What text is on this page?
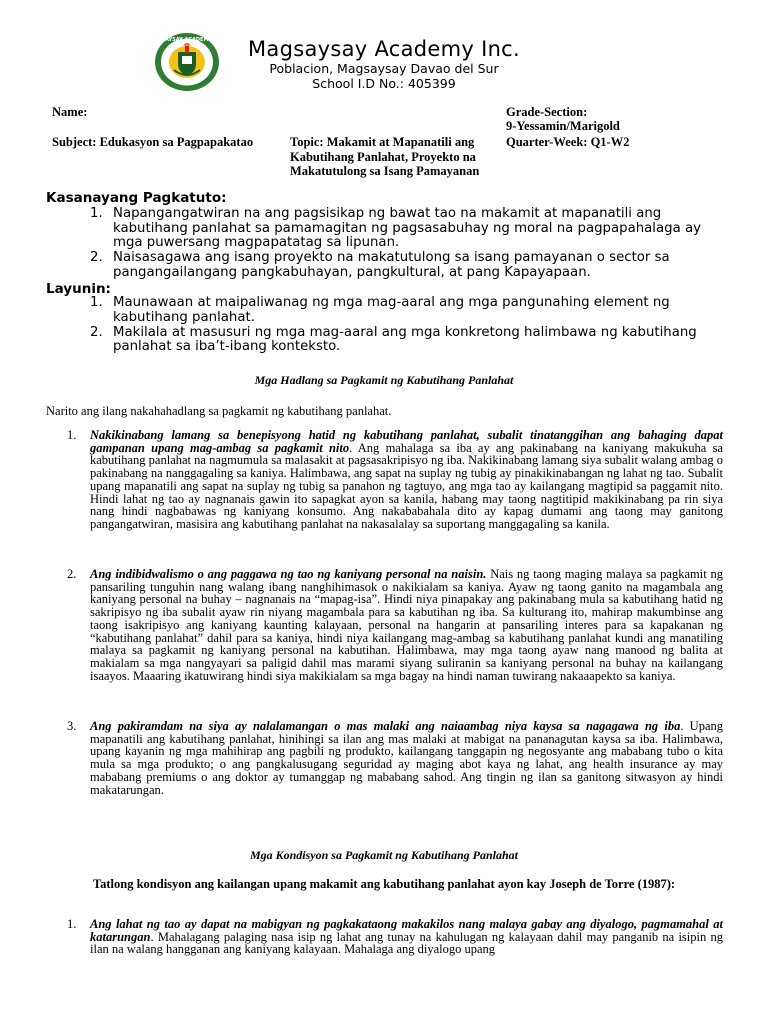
MAGSAYSAY ACADEMY INC.	Magsaysay Academy Inc.
Poblacion, Magsaysay Davao del Sur
School I.D No.: 405399
Name:	Grade-Section:
9-Yessamin/Marigold
Subject: Edukasyon sa Pagpapakatao	Topic: Makamit at Mapanatili ang Kabutihang Panlahat, Proyekto na Makatutulong sa Isang Pamayanan
Quarter-Week: Q1-W2
Kasanayang Pagkatuto:
1. Napangangatwiran na ang pagsisikap ng bawat tao na makamit at mapanatili ang kabutihang panlahat sa pamamagitan ng pagsasabuhay ng moral na pagpapahalaga ay mga puwersang magpapatatag sa lipunan.
2. Naisasagawa ang isang proyekto na makatutulong sa isang pamayanan o sector sa pangangailangang pangkabuhayan, pangkultural, at pang Kapayapaan.
Layunin:
1. Maunawaan at maipaliwanag ng mga mag-aaral ang mga pangunahing element ng kabutihang panlahat.
2. Makilala at masusuri ng mga mag-aaral ang mga konkretong halimbawa ng kabutihang panlahat sa iba’t-ibang konteksto.
Mga Hadlang sa Pagkamit ng Kabutihang Panlahat
Narito ang ilang nakahahadlang sa pagkamit ng kabutihang panlahat.
1. Nakikinabang lamang sa benepisyong hatid ng kabutihang panlahat, subalit tinatanggihan ang bahaging dapat gampanan upang mag-ambag sa pagkamit nito. Ang mahalaga sa iba ay ang pakinabang na kaniyang makukuha sa kabutihang panlahat na nagmumula sa malasakit at pagsasakripisyo ng iba. Nakikinabang lamang siya subalit walang ambag o pakinabang na nanggagaling sa kaniya. Halimbawa, ang sapat na suplay ng tubig ay pinakikinabangan ng lahat ng tao. Subalit upang mapanatili ang sapat na suplay ng tubig sa panahon ng tagtuyo, ang mga tao ay kailangang magtipid sa paggamit nito. Hindi lahat ng tao ay nagnanais gawin ito sapagkat ayon sa kanila, habang may taong nagtitipid makikinabang pa rin siya nang hindi nagbabawas ng kaniyang konsumo. Ang nakababahala dito ay kapag dumami ang taong may ganitong pangangatwiran, masisira ang kabutihang panlahat na nakasalalay sa suportang manggagaling sa kanila.
2. Ang indibidwalismo o ang paggawa ng tao ng kaniyang personal na naisin. Nais ng taong maging malaya sa pagkamit ng pansariling tunguhin nang walang ibang nanghihimasok o nakikialam sa kaniya. Ayaw ng taong ganito na magambala ang kaniyang personal na buhay – nagnanais na “mapag-isa”. Hindi niya pinapakay ang pakinabang mula sa kabutihang hatid ng sakripisyo ng iba subalit ayaw rin niyang magambala para sa kabutihan ng iba. Sa kulturang ito, mahirap makumbinse ang taong isakripisyo ang kaniyang kaunting kalayaan, personal na hangarin at pansariling interes para sa kapakanan ng “kabutihang panlahat” dahil para sa kaniya, hindi niya kailangang mag-ambag sa kabutihang panlahat kundi ang manatiling malaya sa pagkamit ng kaniyang personal na kabutihan. Halimbawa, may mga taong ayaw nang manood ng balita at makialam sa mga nangyayari sa paligid dahil mas marami siyang suliranin sa kaniyang personal na buhay na kailangang isaayos. Maaaring ikatuwirang hindi siya makikialam sa mga bagay na hindi naman tuwirang nakaaapekto sa kaniya.
3. Ang pakiramdam na siya ay nalalamangan o mas malaki ang naiaambag niya kaysa sa nagagawa ng iba. Upang mapanatili ang kabutihang panlahat, hinihingi sa ilan ang mas malaki at mabigat na pananagutan kaysa sa iba. Halimbawa, upang kayanin ng mga mahihirap ang pagbili ng produkto, kailangang tanggapin ng negosyante ang mababang tubo o kita mula sa mga produkto; o ang pangkalusugang seguridad ay maging abot kaya ng lahat, ang health insurance ay may mababang premiums o ang doktor ay tumanggap ng mababang sahod. Ang tingin ng ilan sa ganitong sitwasyon ay hindi makatarungan.
Mga Kondisyon sa Pagkamit ng Kabutihang Panlahat
Tatlong kondisyon ang kailangan upang makamit ang kabutihang panlahat ayon kay Joseph de Torre (1987):
1. Ang lahat ng tao ay dapat na mabigyan ng pagkakataong makakilos nang malaya gabay ang diyalogo, pagmamahal at katarungan. Mahalagang palaging nasa isip ng lahat ang tunay na kahulugan ng kalayaan dahil may panganib na isipin ng ilan na walang hangganan ang kaniyang kalayaan. Mahalaga ang diyalogo upang
